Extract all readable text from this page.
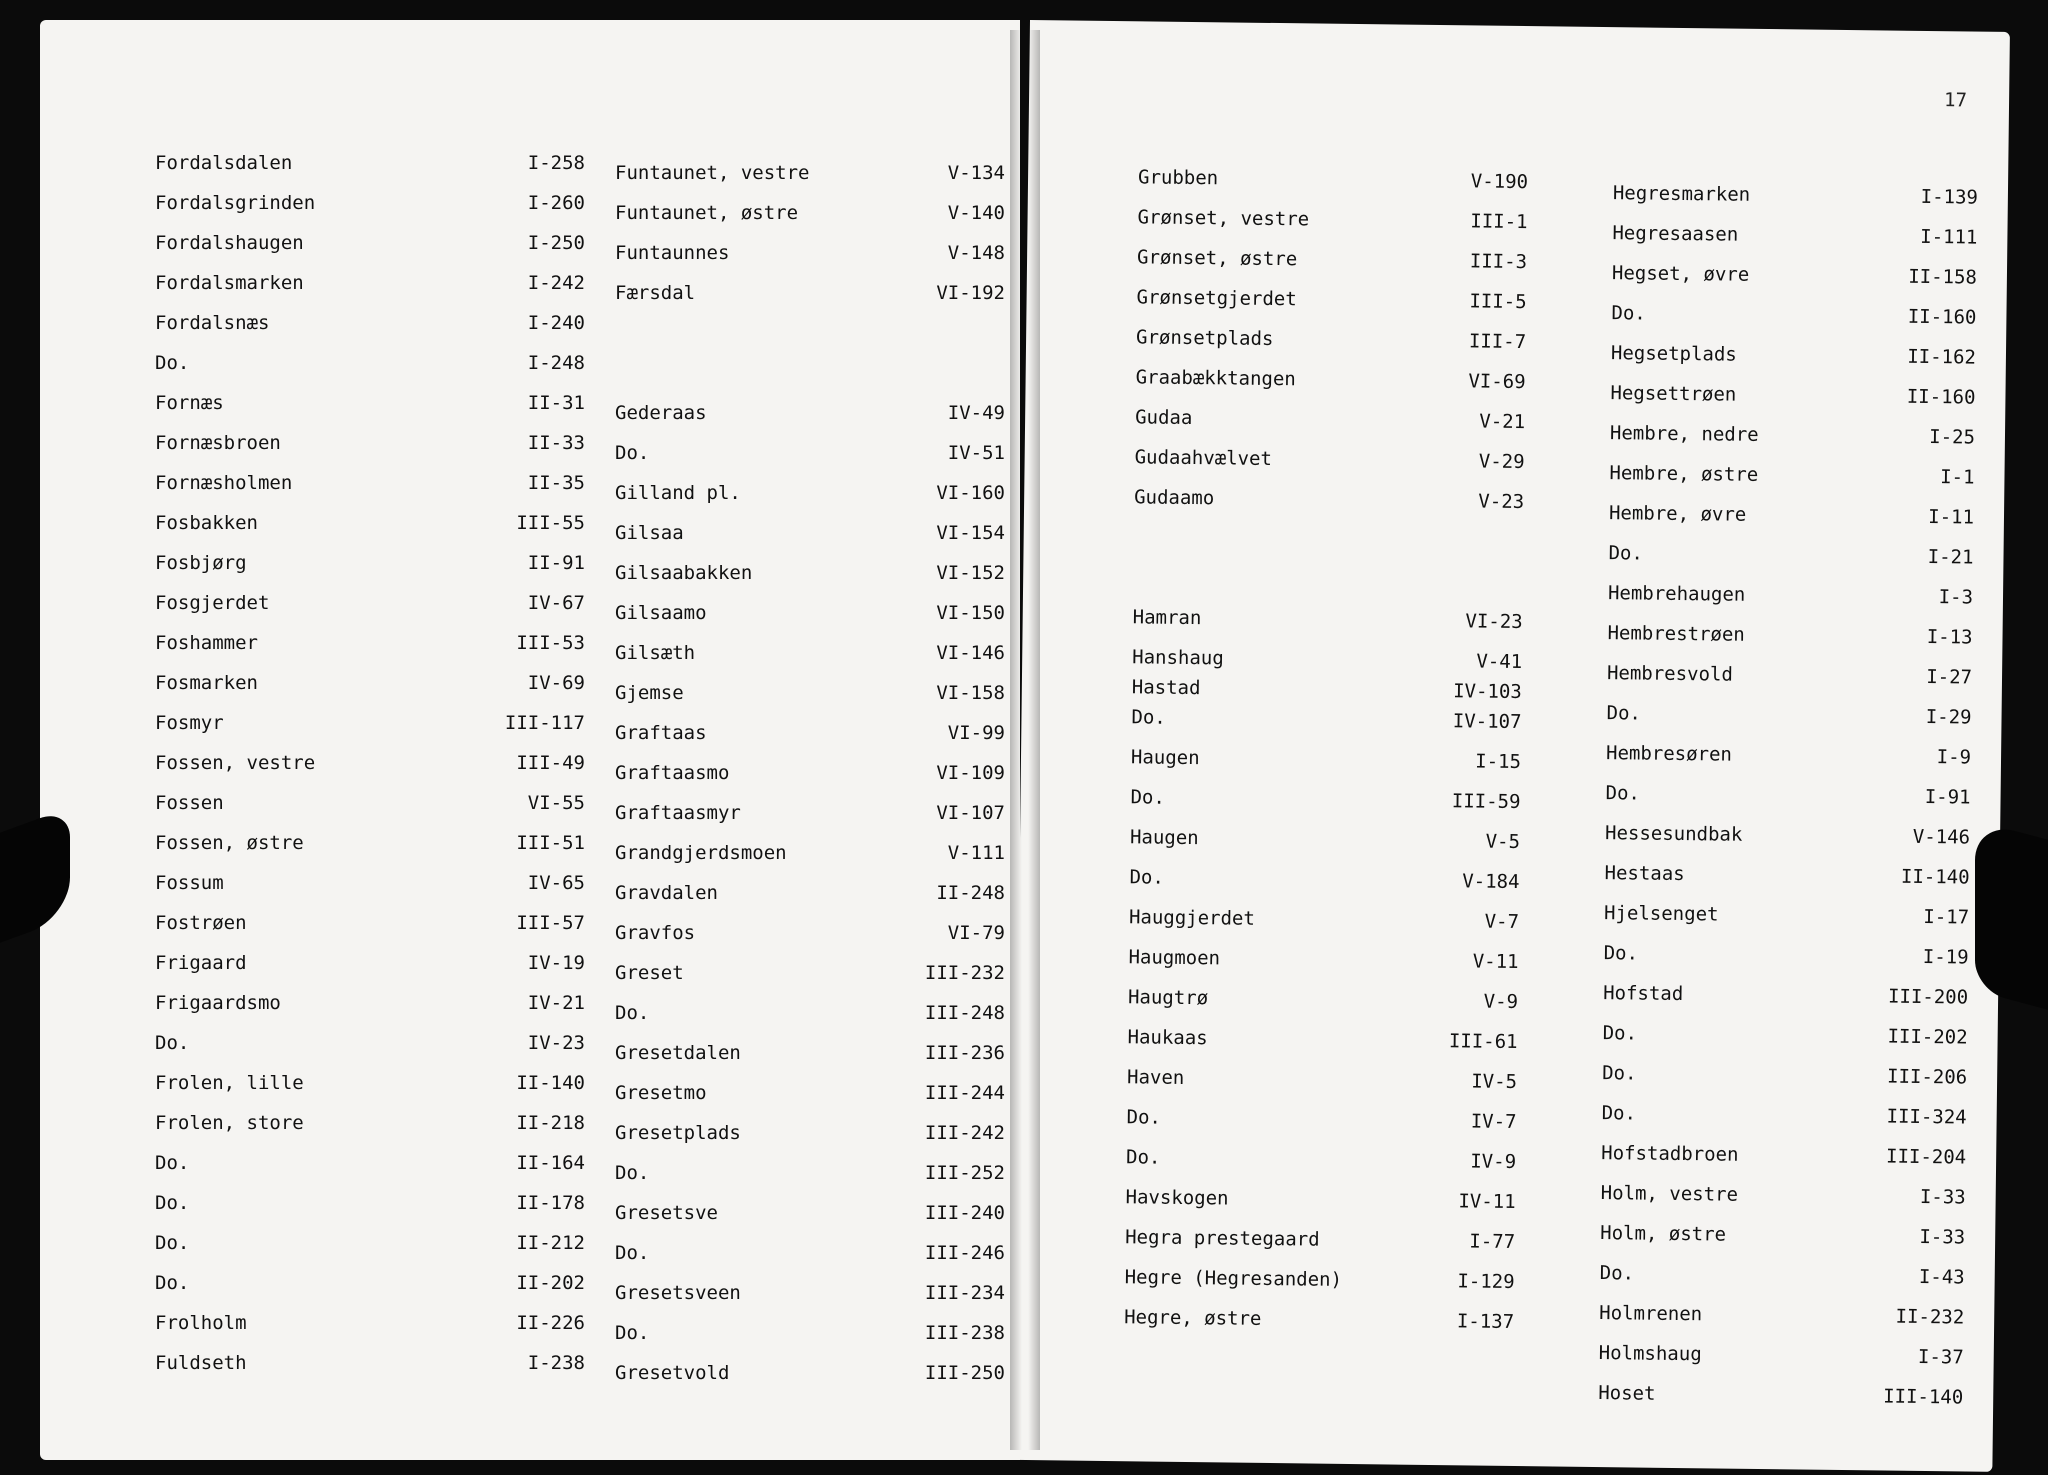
Fordalsdalen	I-258
Fordalsgrinden	I-260
Fordalshaugen	I-250
Fordalsmarken	I-242
Fordalsnæs	I-240
Do.	I-248
Fornæs	II-31
Fornæsbroen	II-33
Fornæsholmen	II-35
Fosbakken	III-55
Fosbjørg	II-91
Fosgjerdet	IV-67
Foshammer	III-53
Fosmarken	IV-69
Fosmyr	III-117
Fossen, vestre	III-49
Fossen	VI-55
Fossen, østre	III-51
Fossum	IV-65
Fostrøen	III-57
Frigaard	IV-19
Frigaardsmo	IV-21
Do.	IV-23
Frolen, lille	II-140
Frolen, store	II-218
Do.	II-164
Do.	II-178
Do.	II-212
Do.	II-202
Frolholm	II-226
Fuldseth	I-238
Funtaunet, vestre	V-134
Funtaunet, østre	V-140
Funtaunnes	V-148
Færsdal	VI-192
Gederaas	IV-49
Do.	IV-51
Gilland pl.	VI-160
Gilsaa	VI-154
Gilsaabakken	VI-152
Gilsaamo	VI-150
Gilsæth	VI-146
Gjemse	VI-158
Graftaas	VI-99
Graftaasmo	VI-109
Graftaasmyr	VI-107
Grandgjerdsmoen	V-111
Gravdalen	II-248
Gravfos	VI-79
Greset	III-232
Do.	III-248
Gresetdalen	III-236
Gresetmo	III-244
Gresetplads	III-242
Do.	III-252
Gresetsve	III-240
Do.	III-246
Gresetsveen	III-234
Do.	III-238
Gresetvold	III-250
17
Grubben	V-190
Grønset, vestre	III-1
Grønset, østre	III-3
Grønsetgjerdet	III-5
Grønsetplads	III-7
Graabækktangen	VI-69
Gudaa	V-21
Gudaahvælvet	V-29
Gudaamo	V-23
Hamran	VI-23
Hanshaug	V-41
Hastad	IV-103
Do.	IV-107
Haugen	I-15
Do.	III-59
Haugen	V-5
Do.	V-184
Hauggjerdet	V-7
Haugmoen	V-11
Haugtrø	V-9
Haukaas	III-61
Haven	IV-5
Do.	IV-7
Do.	IV-9
Havskogen	IV-11
Hegra prestegaard	I-77
Hegre (Hegresanden)	I-129
Hegre, østre	I-137
Hegresmarken	I-139
Hegresaasen	I-111
Hegset, øvre	II-158
Do.	II-160
Hegsetplads	II-162
Hegsettrøen	II-160
Hembre, nedre	I-25
Hembre, østre	I-1
Hembre, øvre	I-11
Do.	I-21
Hembrehaugen	I-3
Hembrestrøen	I-13
Hembresvold	I-27
Do.	I-29
Hembresøren	I-9
Do.	I-91
Hessesundbak	V-146
Hestaas	II-140
Hjelsenget	I-17
Do.	I-19
Hofstad	III-200
Do.	III-202
Do.	III-206
Do.	III-324
Hofstadbroen	III-204
Holm, vestre	I-33
Holm, østre	I-33
Do.	I-43
Holmrenen	II-232
Holmshaug	I-37
Hoset	III-140
